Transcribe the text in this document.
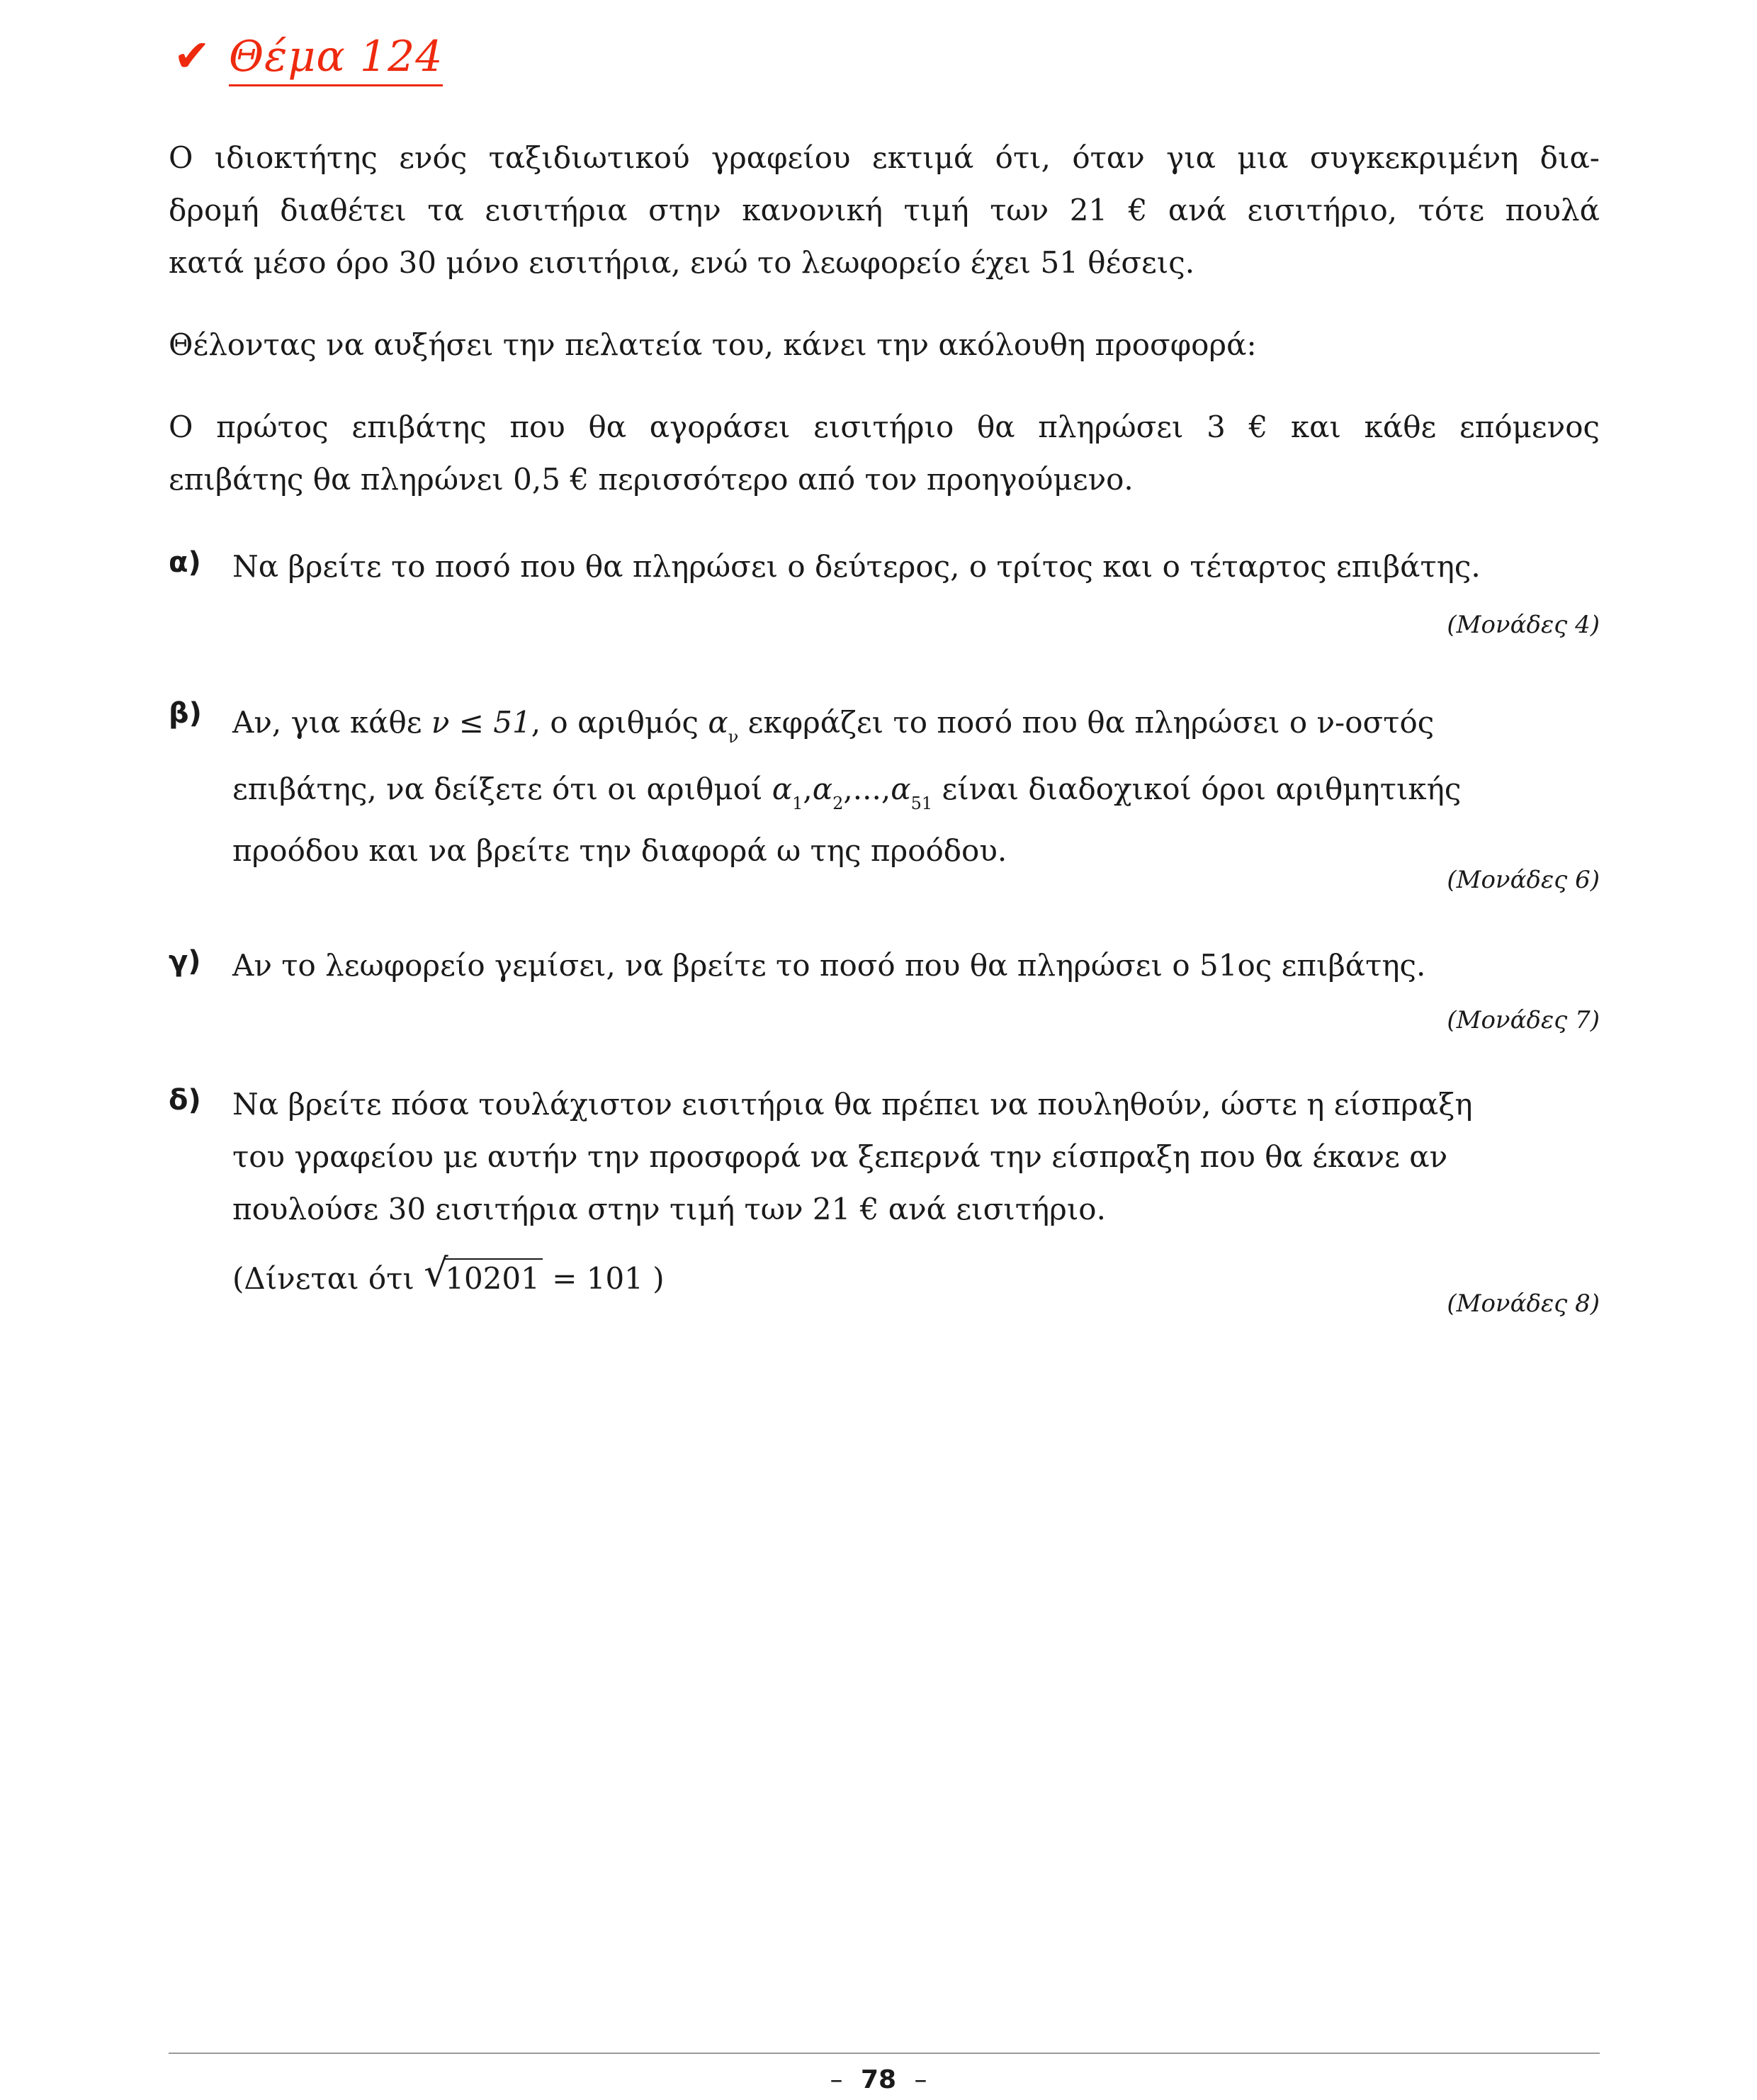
✔ Θέμα 124
Ο ιδιοκτήτης ενός ταξιδιωτικού γραφείου εκτιμά ότι, όταν για μια συγκεκριμένη δια-
δρομή διαθέτει τα εισιτήρια στην κανονική τιμή των 21 € ανά εισιτήριο, τότε πουλά
κατά μέσο όρο 30 μόνο εισιτήρια, ενώ το λεωφορείο έχει 51 θέσεις.
Θέλοντας να αυξήσει την πελατεία του, κάνει την ακόλουθη προσφορά:
Ο πρώτος επιβάτης που θα αγοράσει εισιτήριο θα πληρώσει 3 € και κάθε επόμενος
επιβάτης θα πληρώνει 0,5 € περισσότερο από τον προηγούμενο.
α) Να βρείτε το ποσό που θα πληρώσει ο δεύτερος, ο τρίτος και ο τέταρτος επιβάτης.
(Μονάδες 4)
β) Αν, για κάθε ν ≤ 51, ο αριθμός $\alpha_\nu$ εκφράζει το ποσό που θα πληρώσει ο ν-οστός
επιβάτης, να δείξετε ότι οι αριθμοί $\alpha_1,\alpha_2,...,\alpha_{51}$ είναι διαδοχικοί όροι αριθμητικής
προόδου και να βρείτε την διαφορά ω της προόδου.
(Μονάδες 6)
γ) Αν το λεωφορείο γεμίσει, να βρείτε το ποσό που θα πληρώσει ο 51ος επιβάτης.
(Μονάδες 7)
δ) Να βρείτε πόσα τουλάχιστον εισιτήρια θα πρέπει να πουληθούν, ώστε η είσπραξη
του γραφείου με αυτήν την προσφορά να ξεπερνά την είσπραξη που θα έκανε αν
πουλούσε 30 εισιτήρια στην τιμή των 21 € ανά εισιτήριο.
(Δίνεται ότι √
10201 = 101 )
(Μονάδες 8)
– 78 –
